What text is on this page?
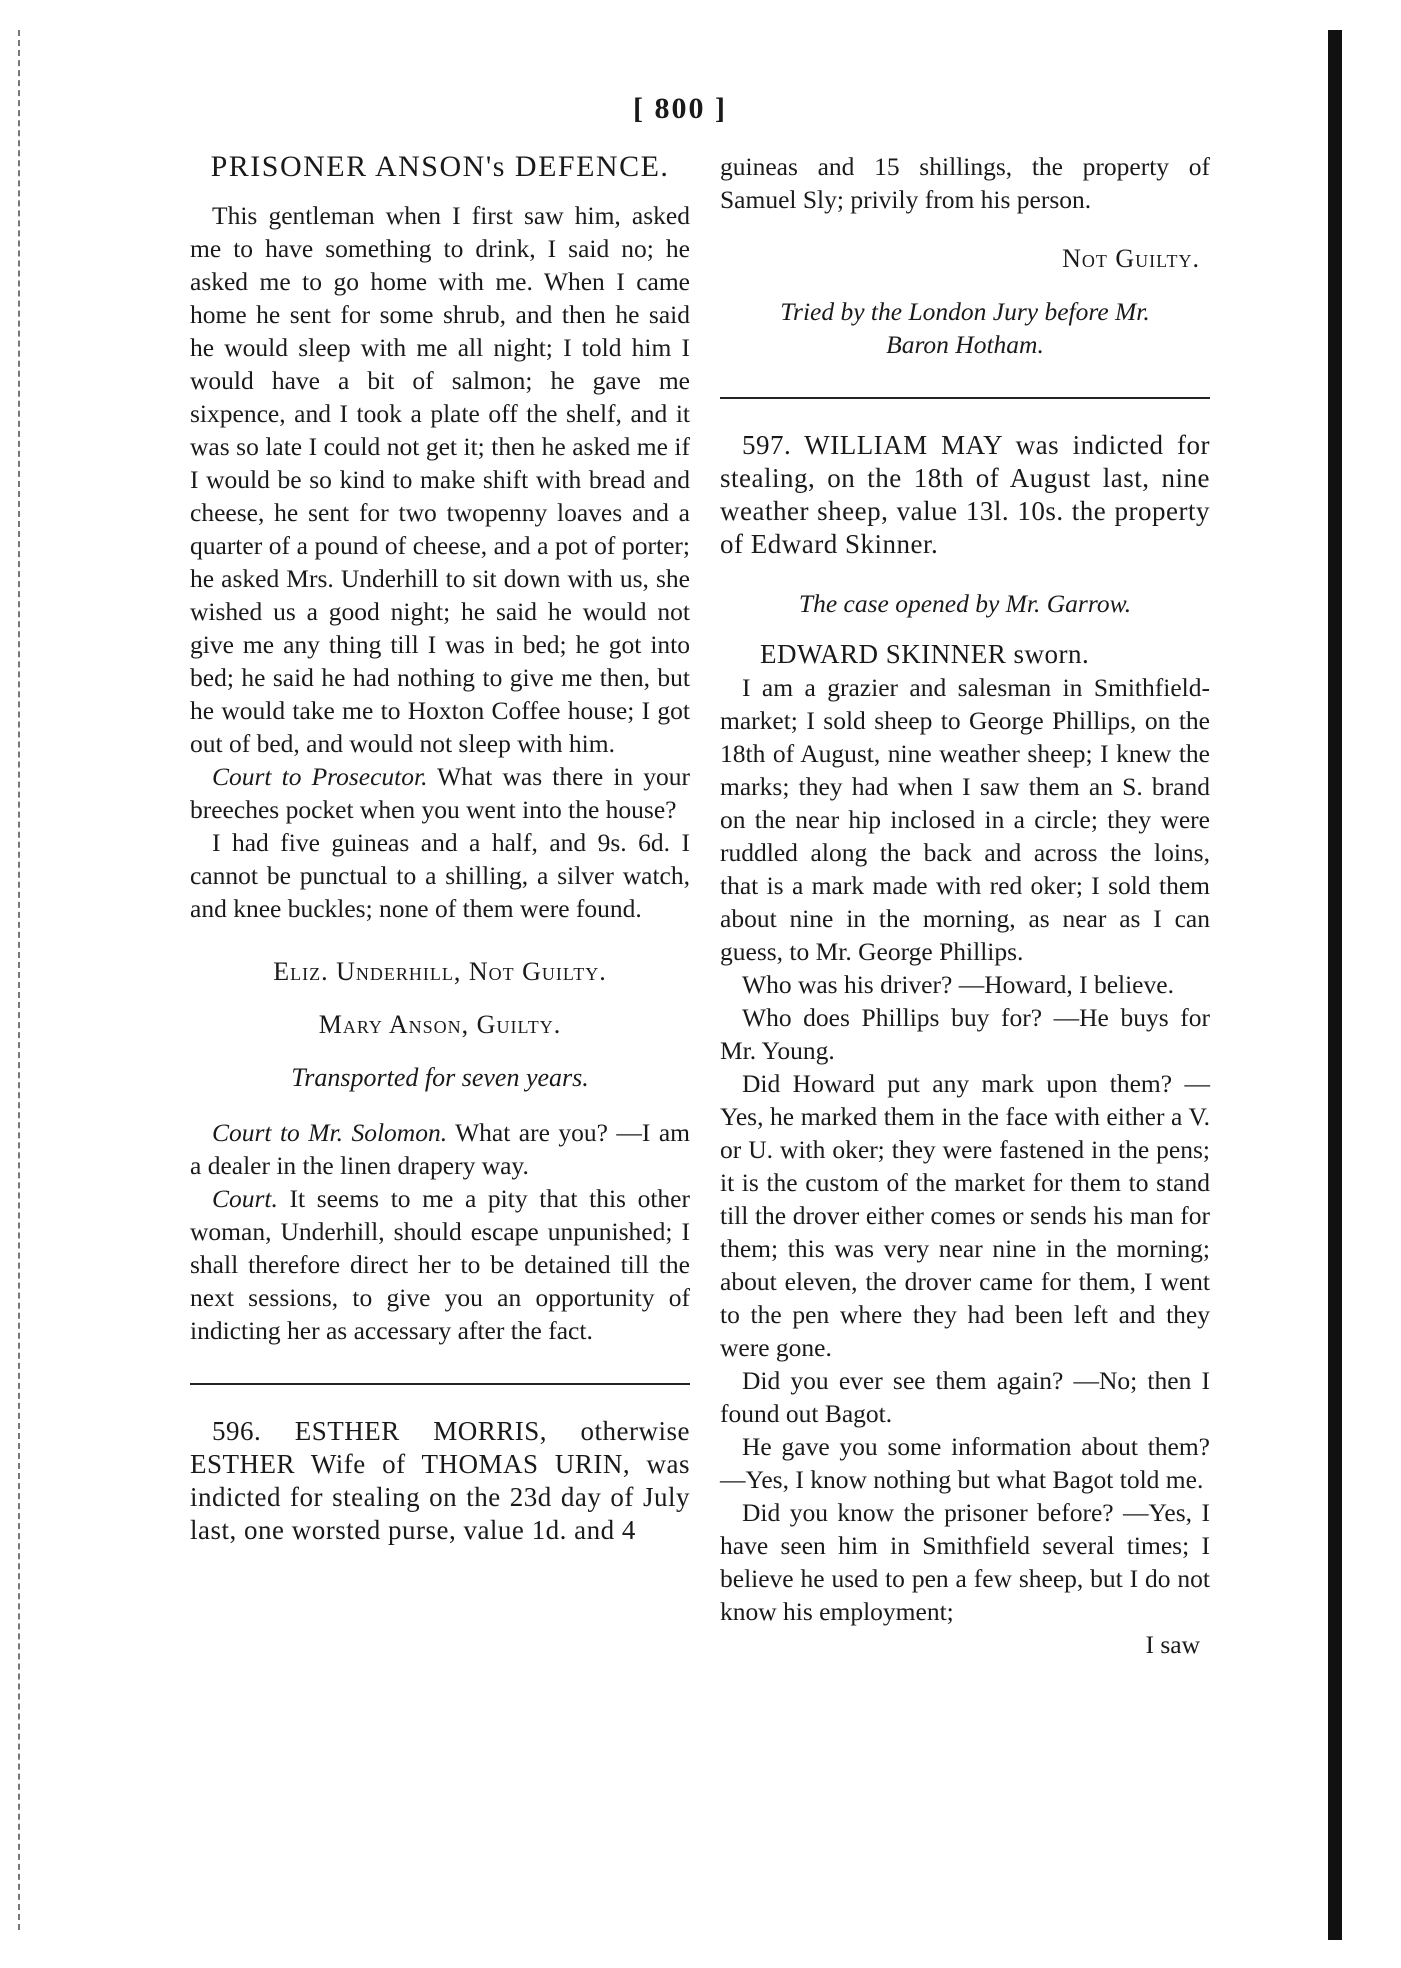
[ 800 ]
PRISONER ANSON's DEFENCE.

This gentleman when I first saw him, asked me to have something to drink, I said no; he asked me to go home with me. When I came home he sent for some shrub, and then he said he would sleep with me all night; I told him I would have a bit of salmon; he gave me sixpence, and I took a plate off the shelf, and it was so late I could not get it; then he asked me if I would be so kind to make shift with bread and cheese, he sent for two twopenny loaves and a quarter of a pound of cheese, and a pot of porter; he asked Mrs. Underhill to sit down with us, she wished us a good night; he said he would not give me any thing till I was in bed; he got into bed; he said he had nothing to give me then, but he would take me to Hoxton Coffee house; I got out of bed, and would not sleep with him.

Court to Prosecutor. What was there in your breeches pocket when you went into the house?

I had five guineas and a half, and 9s. 6d. I cannot be punctual to a shilling, a silver watch, and knee buckles; none of them were found.

Eliz. Underhill, Not Guilty.
Mary Anson, Guilty.
Transported for seven years.

Court to Mr. Solomon. What are you? —I am a dealer in the linen drapery way.

Court. It seems to me a pity that this other woman, Underhill, should escape unpunished; I shall therefore direct her to be detained till the next sessions, to give you an opportunity of indicting her as accessary after the fact.

596. ESTHER MORRIS, otherwise ESTHER Wife of THOMAS URIN, was indicted for stealing on the 23d day of July last, one worsted purse, value 1d. and 4

guineas and 15 shillings, the property of Samuel Sly; privily from his person.

Not Guilty.
Tried by the London Jury before Mr. Baron Hotham.

597. WILLIAM MAY was indicted for stealing, on the 18th of August last, nine weather sheep, value 13l. 10s. the property of Edward Skinner.

The case opened by Mr. Garrow.
EDWARD SKINNER sworn.

I am a grazier and salesman in Smithfield-market; I sold sheep to George Phillips, on the 18th of August, nine weather sheep; I knew the marks; they had when I saw them an S. brand on the near hip inclosed in a circle; they were ruddled along the back and across the loins, that is a mark made with red oker; I sold them about nine in the morning, as near as I can guess, to Mr. George Phillips.

Who was his driver? —Howard, I believe.

Who does Phillips buy for? —He buys for Mr. Young.

Did Howard put any mark upon them? —Yes, he marked them in the face with either a V. or U. with oker; they were fastened in the pens; it is the custom of the market for them to stand till the drover either comes or sends his man for them; this was very near nine in the morning; about eleven, the drover came for them, I went to the pen where they had been left and they were gone.

Did you ever see them again? —No; then I found out Bagot.

He gave you some information about them? —Yes, I know nothing but what Bagot told me.

Did you know the prisoner before? —Yes, I have seen him in Smithfield several times; I believe he used to pen a few sheep, but I do not know his employment;

I saw
